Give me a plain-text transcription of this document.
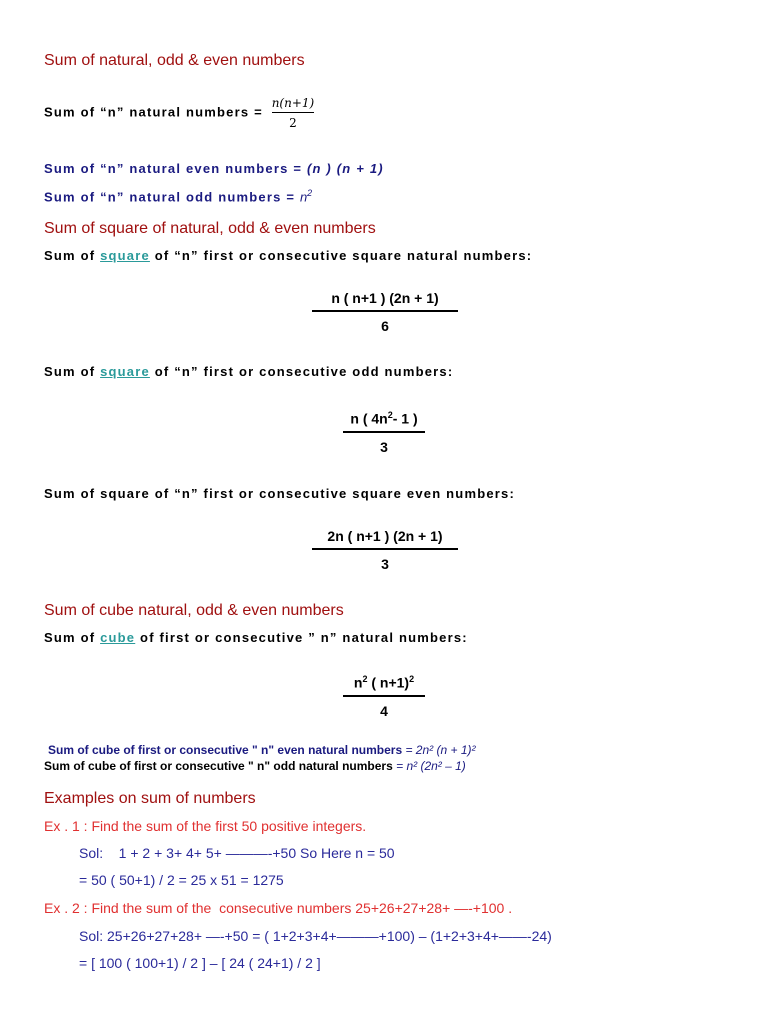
Sum of natural, odd & even numbers
Sum of “n” natural numbers = $\frac{n(n+1)}{2}$
Sum of “n” natural even numbers = (n ) (n + 1)
Sum of “n” natural odd numbers = $n^2$
Sum of square of natural, odd & even numbers
Sum of square of “n” first or consecutive square natural numbers:
n ( n+1 ) (2n + 1)
6
Sum of square of “n” first or consecutive odd numbers:
n ( $4n^2-$ 1 )
3
Sum of square of “n” first or consecutive square even numbers:
2n ( n+1 ) (2n + 1)
3
Sum of cube natural, odd & even numbers
Sum of cube of first or consecutive ” n” natural numbers:
$n^2$ ( n+1)$^2$
4
Sum of cube of first or consecutive " n" even natural numbers = 2n² (n + 1)²
Sum of cube of first or consecutive " n" odd natural numbers = n² (2n² – 1)
Examples on sum of numbers
Ex . 1 : Find the sum of the first 50 positive integers.
Sol:    1 + 2 + 3+ 4+ 5+ ———-+50 So Here n = 50
= 50 ( 50+1) / 2 = 25 x 51 = 1275
Ex . 2 : Find the sum of the  consecutive numbers 25+26+27+28+ —-+100 .
Sol: 25+26+27+28+ —-+50 = ( 1+2+3+4+———+100) – (1+2+3+4+——-24)
= [ 100 ( 100+1) / 2 ] – [ 24 ( 24+1) / 2 ]
